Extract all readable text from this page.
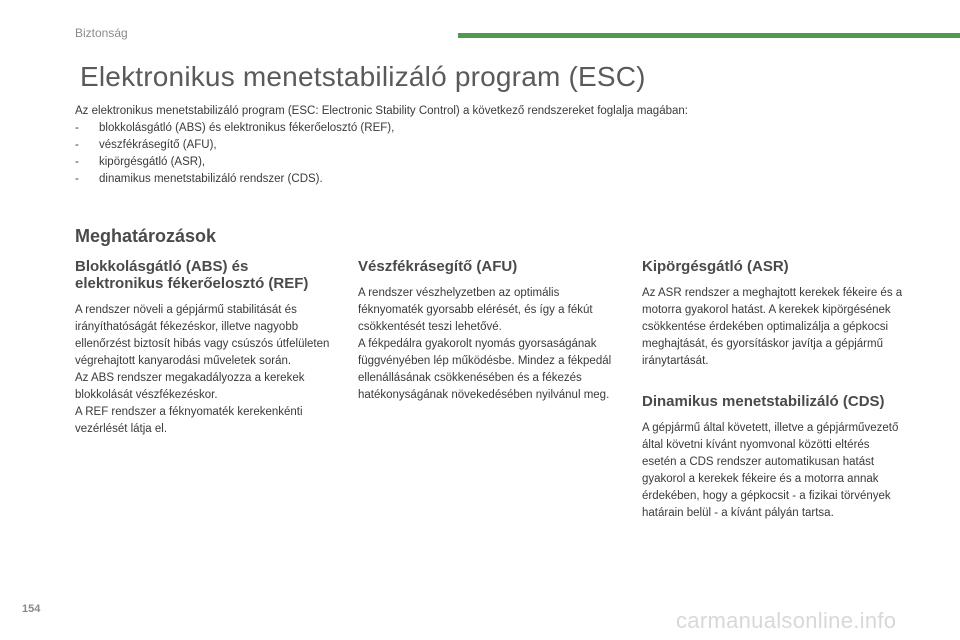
Biztonság
Elektronikus menetstabilizáló program (ESC)

Az elektronikus menetstabilizáló program (ESC: Electronic Stability Control) a következő rendszereket foglalja magában:

- blokkolásgátló (ABS) és elektronikus fékerőelosztó (REF),
- vészfékrásegítő (AFU),
- kipörgésgátló (ASR),
- dinamikus menetstabilizáló rendszer (CDS).
Meghatározások
Blokkolásgátló (ABS) és elektronikus fékerőelosztó (REF)

A rendszer növeli a gépjármű stabilitását és irányíthatóságát fékezéskor, illetve nagyobb ellenőrzést biztosít hibás vagy csúszós útfelületen végrehajtott kanyarodási műveletek során.

Az ABS rendszer megakadályozza a kerekek blokkolását vészfékezéskor.

A REF rendszer a féknyomaték kerekenkénti vezérlését látja el.

Vészfékrásegítő (AFU)

A rendszer vészhelyzetben az optimális féknyomaték gyorsabb elérését, és így a fékút csökkentését teszi lehetővé.

A fékpedálra gyakorolt nyomás gyorsaságának függvényében lép működésbe. Mindez a fékpedál ellenállásának csökkenésében és a fékezés hatékonyságának növekedésében nyilvánul meg.

Kipörgésgátló (ASR)

Az ASR rendszer a meghajtott kerekek fékeire és a motorra gyakorol hatást. A kerekek kipörgésének csökkentése érdekében optimalizálja a gépkocsi meghajtását, és gyorsításkor javítja a gépjármű iránytartását.

Dinamikus menetstabilizáló (CDS)

A gépjármű által követett, illetve a gépjárművezető által követni kívánt nyomvonal közötti eltérés esetén a CDS rendszer automatikusan hatást gyakorol a kerekek fékeire és a motorra annak érdekében, hogy a gépkocsit - a fizikai törvények határain belül - a kívánt pályán tartsa.

154	carmanualsonline.info
